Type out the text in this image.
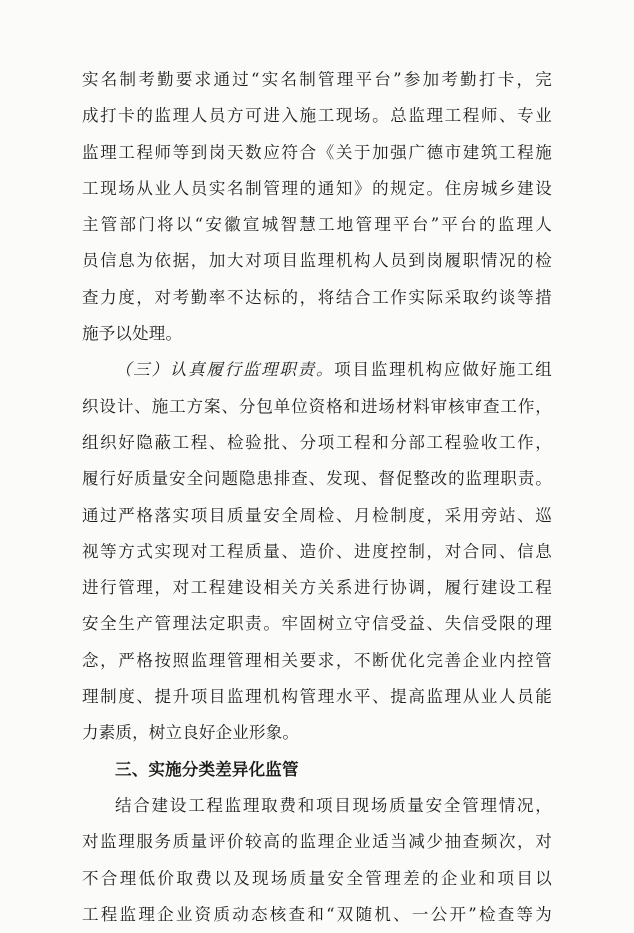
实名制考勤要求通过“实名制管理平台”参加考勤打卡，完
成打卡的监理人员方可进入施工现场。总监理工程师、专业
监理工程师等到岗天数应符合《关于加强广德市建筑工程施
工现场从业人员实名制管理的通知》的规定。住房城乡建设
主管部门将以“安徽宣城智慧工地管理平台”平台的监理人
员信息为依据，加大对项目监理机构人员到岗履职情况的检
查力度，对考勤率不达标的，将结合工作实际采取约谈等措
施予以处理。
（三）认真履行监理职责。项目监理机构应做好施工组
织设计、施工方案、分包单位资格和进场材料审核审查工作，
组织好隐蔽工程、检验批、分项工程和分部工程验收工作，
履行好质量安全问题隐患排查、发现、督促整改的监理职责。
通过严格落实项目质量安全周检、月检制度，采用旁站、巡
视等方式实现对工程质量、造价、进度控制，对合同、信息
进行管理，对工程建设相关方关系进行协调，履行建设工程
安全生产管理法定职责。牢固树立守信受益、失信受限的理
念，严格按照监理管理相关要求，不断优化完善企业内控管
理制度、提升项目监理机构管理水平、提高监理从业人员能
力素质，树立良好企业形象。
三、实施分类差异化监管
结合建设工程监理取费和项目现场质量安全管理情况，
对监理服务质量评价较高的监理企业适当减少抽查频次，对
不合理低价取费以及现场质量安全管理差的企业和项目以
工程监理企业资质动态核查和“双随机、一公开”检查等为
